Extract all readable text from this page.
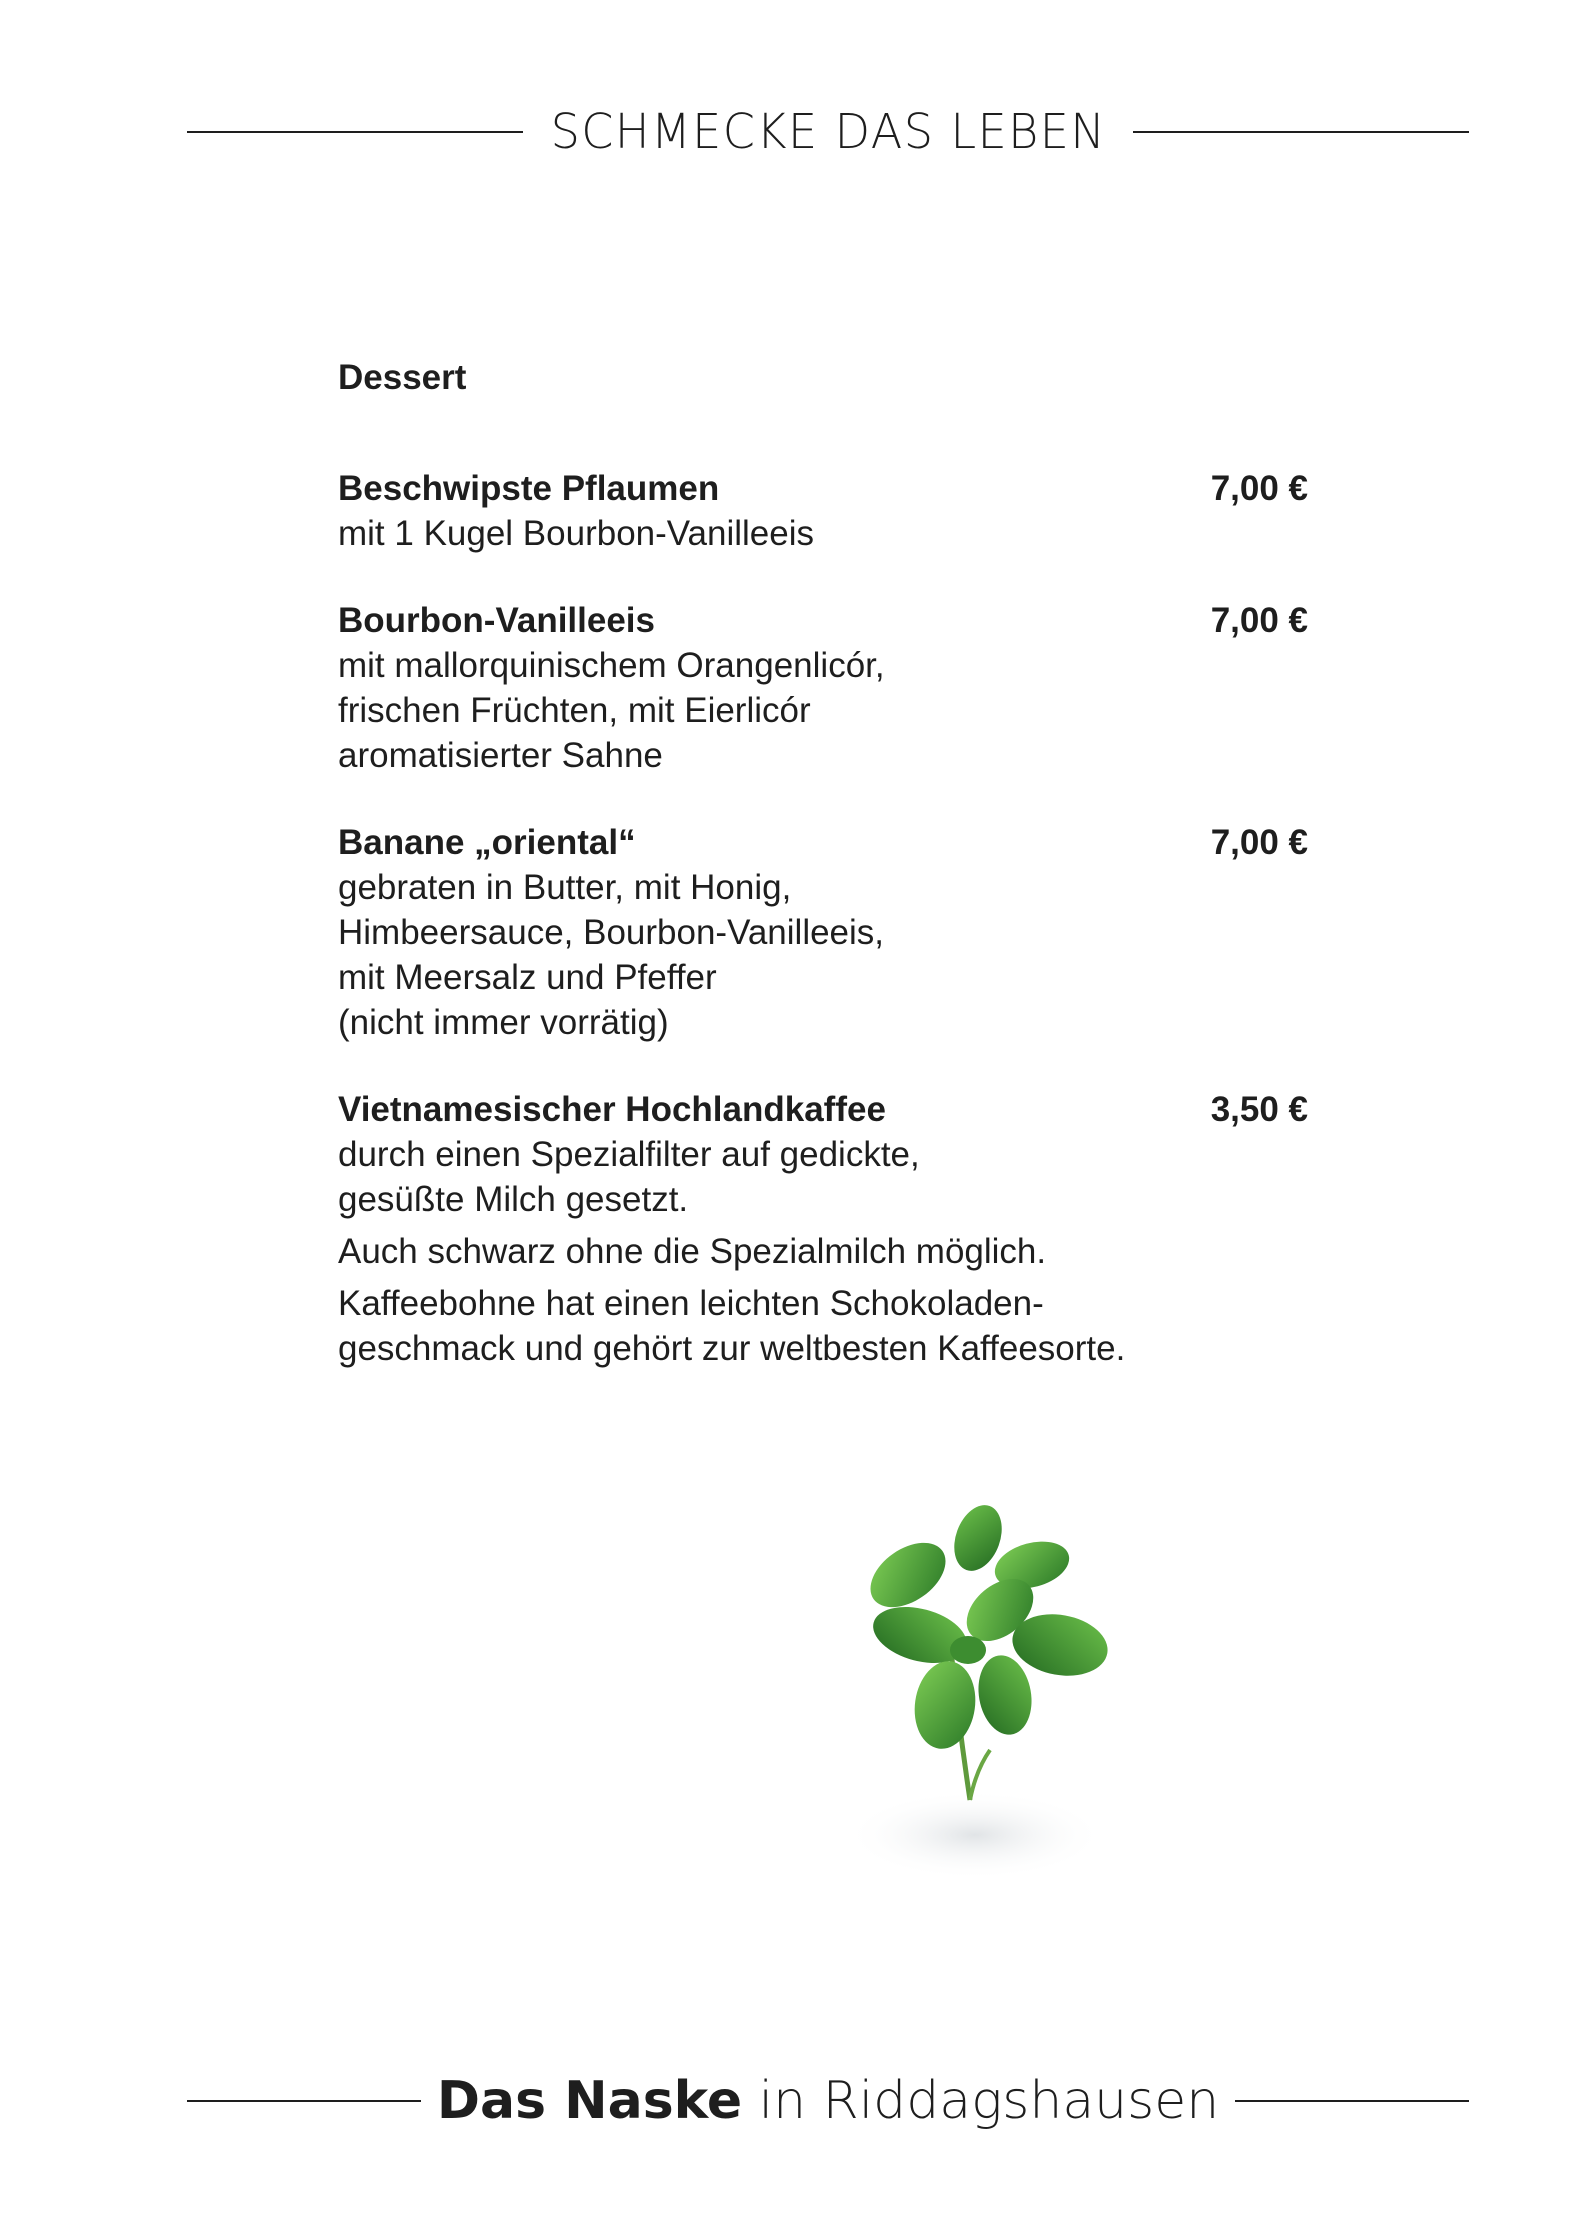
SCHMECKE DAS LEBEN
Dessert
Beschwipste Pflaumen	7,00 €
mit 1 Kugel Bourbon-Vanilleeis
Bourbon-Vanilleeis	7,00 €
mit mallorquinischem Orangenlicór,
frischen Früchten, mit Eierlicór
aromatisierter Sahne
Banane „oriental“	7,00 €
gebraten in Butter, mit Honig,
Himbeersauce, Bourbon-Vanilleeis,
mit Meersalz und Pfeffer
(nicht immer vorrätig)
Vietnamesischer Hochlandkaffee	3,50 €
durch einen Spezialfilter auf gedickte,
gesüßte Milch gesetzt.
Auch schwarz ohne die Spezialmilch möglich.
Kaffeebohne hat einen leichten Schokoladen-
geschmack und gehört zur weltbesten Kaffeesorte.
Das Naske in Riddagshausen
